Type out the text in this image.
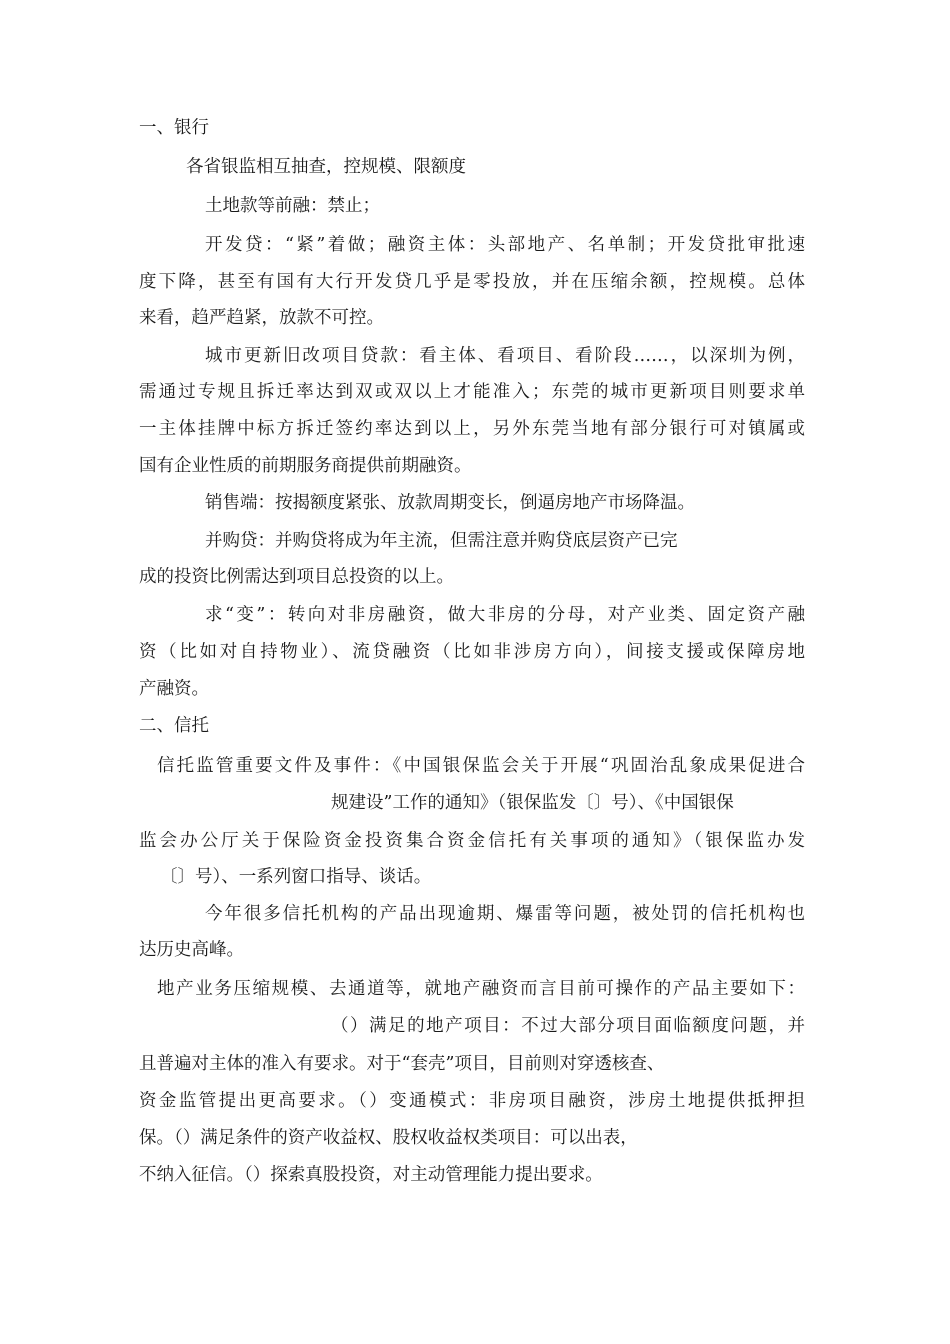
一、银行

各省银监相互抽查，控规模、限额度

土地款等前融：禁止；

开发贷：“紧”着做；融资主体：头部地产、名单制；开发贷批审批速

度下降，甚至有国有大行开发贷几乎是零投放，并在压缩余额，控规模。总体

来看，趋严趋紧，放款不可控。

城市更新旧改项目贷款：看主体、看项目、看阶段……，以深圳为例，

需通过专规且拆迁率达到双或双以上才能准入；东莞的城市更新项目则要求单

一主体挂牌中标方拆迁签约率达到以上，另外东莞当地有部分银行可对镇属或

国有企业性质的前期服务商提供前期融资。

销售端：按揭额度紧张、放款周期变长，倒逼房地产市场降温。

并购贷：并购贷将成为年主流，但需注意并购贷底层资产已完

成的投资比例需达到项目总投资的以上。

求“变”：转向对非房融资，做大非房的分母，对产业类、固定资产融

资（比如对自持物业）、流贷融资（比如非涉房方向），间接支援或保障房地

产融资。

二、信托

信托监管重要文件及事件：《中国银保监会关于开展“巩固治乱象成果促进合

规建设”工作的通知》（银保监发〔〕号）、《中国银保

监会办公厅关于保险资金投资集合资金信托有关事项的通知》（银保监办发

〔〕号）、一系列窗口指导、谈话。

今年很多信托机构的产品出现逾期、爆雷等问题，被处罚的信托机构也

达历史高峰。

地产业务压缩规模、去通道等，就地产融资而言目前可操作的产品主要如下：

（）满足的地产项目：不过大部分项目面临额度问题，并

且普遍对主体的准入有要求。对于“套壳”项目，目前则对穿透核查、

资金监管提出更高要求。（）变通模式：非房项目融资，涉房土地提供抵押担

保。（）满足条件的资产收益权、股权收益权类项目：可以出表，

不纳入征信。（）探索真股投资，对主动管理能力提出要求。
